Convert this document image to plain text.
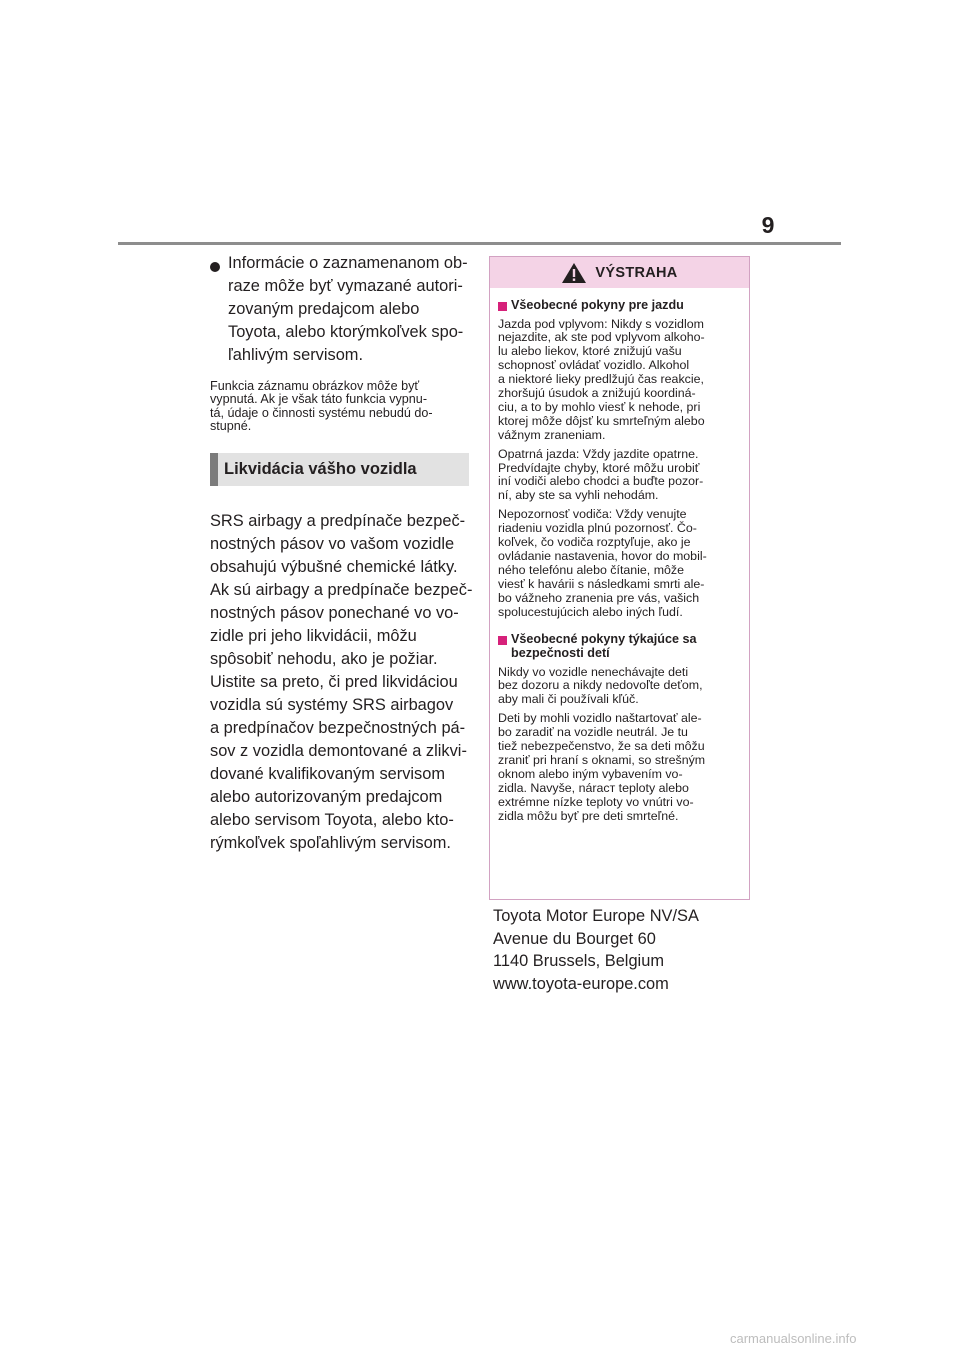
9
Informácie o zaznamenanom ob-
raze môže byť vymazané autori-
zovaným predajcom alebo
Toyota, alebo ktorýmkoľvek spo-
ľahlivým servisom.
Funkcia záznamu obrázkov môže byť
vypnutá. Ak je však táto funkcia vypnu-
tá, údaje o činnosti systému nebudú do-
stupné.
Likvidácia vášho vozidla
SRS airbagy a predpínače bezpeč-
nostných pásov vo vašom vozidle
obsahujú výbušné chemické látky.
Ak sú airbagy a predpínače bezpeč-
nostných pásov ponechané vo vo-
zidle pri jeho likvidácii, môžu
spôsobiť nehodu, ako je požiar.
Uistite sa preto, či pred likvidáciou
vozidla sú systémy SRS airbagov
a predpínačov bezpečnostných pá-
sov z vozidla demontované a zlikvi-
dované kvalifikovaným servisom
alebo autorizovaným predajcom
alebo servisom Toyota, alebo kto-
rýmkoľvek spoľahlivým servisom.
VÝSTRAHA
Všeobecné pokyny pre jazdu
Jazda pod vplyvom: Nikdy s vozidlom
nejazdite, ak ste pod vplyvom alkoho-
lu alebo liekov, ktoré znižujú vašu
schopnosť ovládať vozidlo. Alkohol
a niektoré lieky predlžujú čas reakcie,
zhoršujú úsudok a znižujú koordiná-
ciu, a to by mohlo viesť k nehode, pri
ktorej môže dôjsť ku smrteľným alebo
vážnym zraneniam.
Opatrná jazda: Vždy jazdite opatrne.
Predvídajte chyby, ktoré môžu urobiť
iní vodiči alebo chodci a buďte pozor-
ní, aby ste sa vyhli nehodám.
Nepozornosť vodiča: Vždy venujte
riadeniu vozidla plnú pozornosť. Čo-
koľvek, čo vodiča rozptyľuje, ako je
ovládanie nastavenia, hovor do mobil-
ného telefónu alebo čítanie, môže
viesť k havárii s následkami smrti ale-
bo vážneho zranenia pre vás, vašich
spolucestujúcich alebo iných ľudí.
Všeobecné pokyny týkajúce sa
bezpečnosti detí
Nikdy vo vozidle nenechávajte deti
bez dozoru a nikdy nedovoľte deťom,
aby mali či používali kľúč.
Deti by mohli vozidlo naštartovať ale-
bo zaradiť na vozidle neutrál. Je tu
tiež nebezpečenstvo, že sa deti môžu
zraniť pri hraní s oknami, so strešným
oknom alebo iným vybavením vo-
zidla. Navyše, náraст teploty alebo
extrémne nízke teploty vo vnútri vo-
zidla môžu byť pre deti smrteľné.
Toyota Motor Europe NV/SA
Avenue du Bourget 60
1140 Brussels, Belgium
www.toyota-europe.com
carmanualsonline.info
